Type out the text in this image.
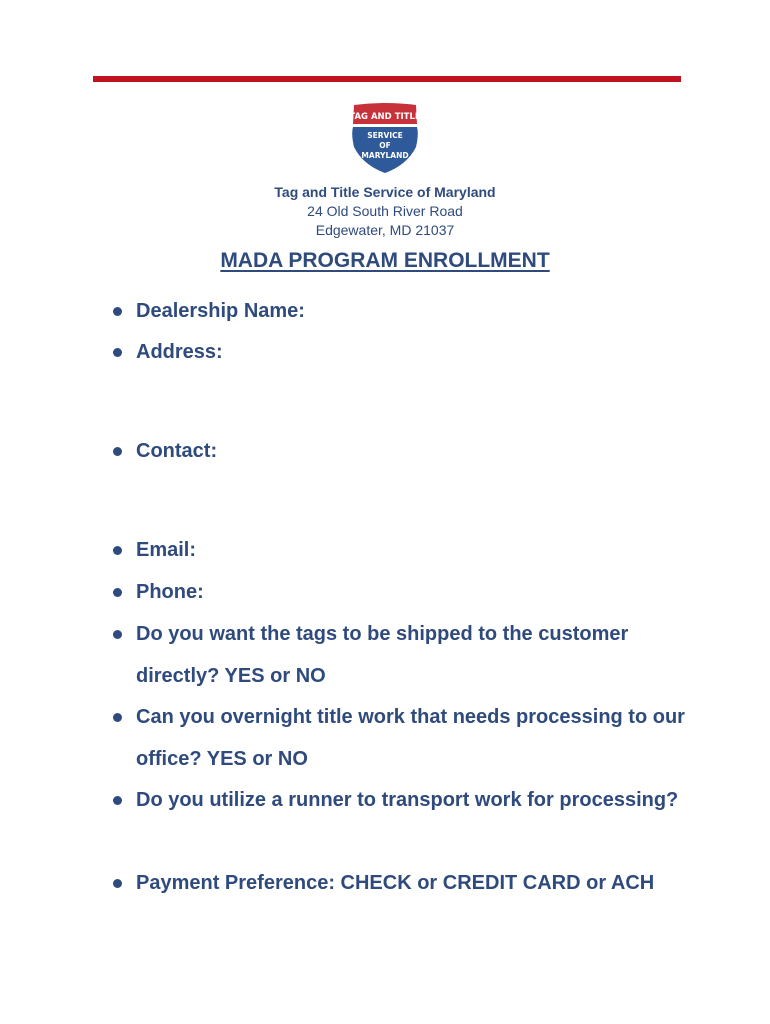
TAG AND TITLE
SERVICE
OF
MARYLAND
Tag and Title Service of Maryland
24 Old South River Road
Edgewater, MD 21037
MADA PROGRAM ENROLLMENT
Dealership Name:
Address:
Contact:
Email:
Phone:
Do you want the tags to be shipped to the customer directly? YES or NO
Can you overnight title work that needs processing to our office? YES or NO
Do you utilize a runner to transport work for processing?
Payment Preference: CHECK or CREDIT CARD or ACH
